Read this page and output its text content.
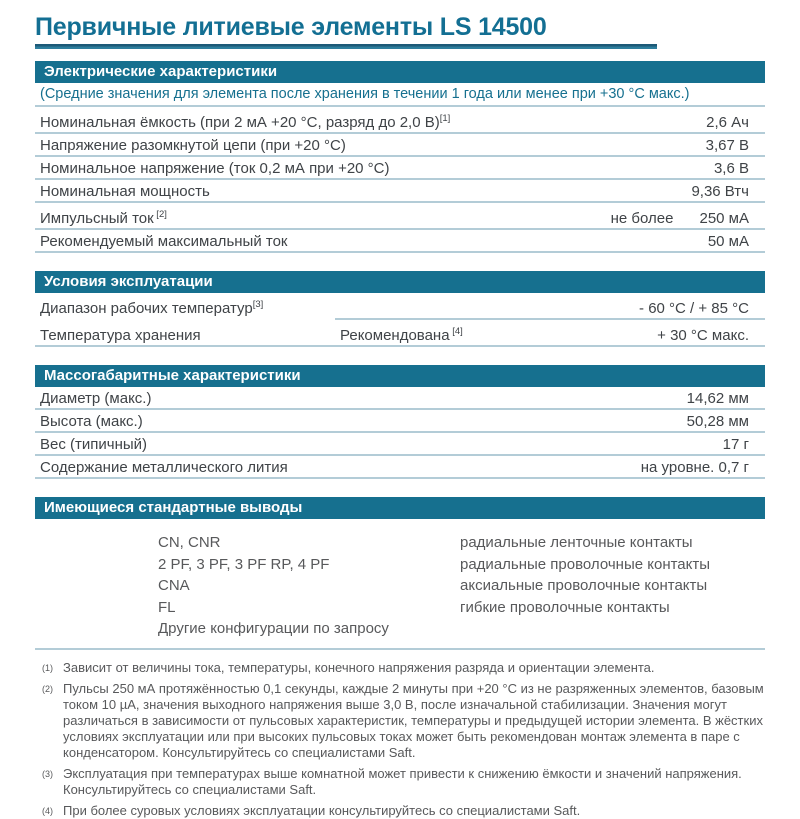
Первичные литиевые элементы LS 14500
Электрические характеристики
(Средние значения для элемента после хранения в течении 1 года или менее при +30 °C макс.)
Номинальная ёмкость (при 2 мА +20 °C, разряд до 2,0 В)[1]	2,6 Ач
Напряжение разомкнутой цепи (при +20 °C)	3,67 В
Номинальное напряжение (ток 0,2 мА при +20 °C)	3,6 В
Номинальная мощность	9,36 Втч
Импульсный ток [2]	не более 250 мА
Рекомендуемый максимальный ток	50 мА
Условия эксплуатации
Диапазон рабочих температур[3]	- 60 °C / + 85 °C
Температура хранения	Рекомендована [4]	+ 30 °C макс.
Массогабаритные характеристики
Диаметр (макс.)	14,62 мм
Высота (макс.)	50,28 мм
Вес (типичный)	17 г
Содержание металлического лития	на уровне. 0,7 г
Имеющиеся стандартные выводы
CN, CNR	радиальные ленточные контакты
2 PF, 3 PF, 3 PF RP, 4 PF	радиальные проволочные контакты
CNA	аксиальные проволочные контакты
FL	гибкие проволочные контакты
Другие конфигурации по запросу
(1) Зависит от величины тока, температуры, конечного напряжения разряда и ориентации элемента.
(2) Пульсы 250 мА протяжённостью 0,1 секунды, каждые 2 минуты при +20 °C из не разряженных элементов, базовым током 10 µА, значения выходного напряжения выше 3,0 В, после изначальной стабилизации. Значения могут различаться в зависимости от пульсовых характеристик, температуры и предыдущей истории элемента. В жёстких условиях эксплуатации или при высоких пульсовых токах может быть рекомендован монтаж элемента в паре с конденсатором. Консультируйтесь со специалистами Saft.
(3) Эксплуатация при температурах выше комнатной может привести к снижению ёмкости и значений напряжения. Консультируйтесь со специалистами Saft.
(4) При более суровых условиях эксплуатации консультируйтесь со специалистами Saft.
